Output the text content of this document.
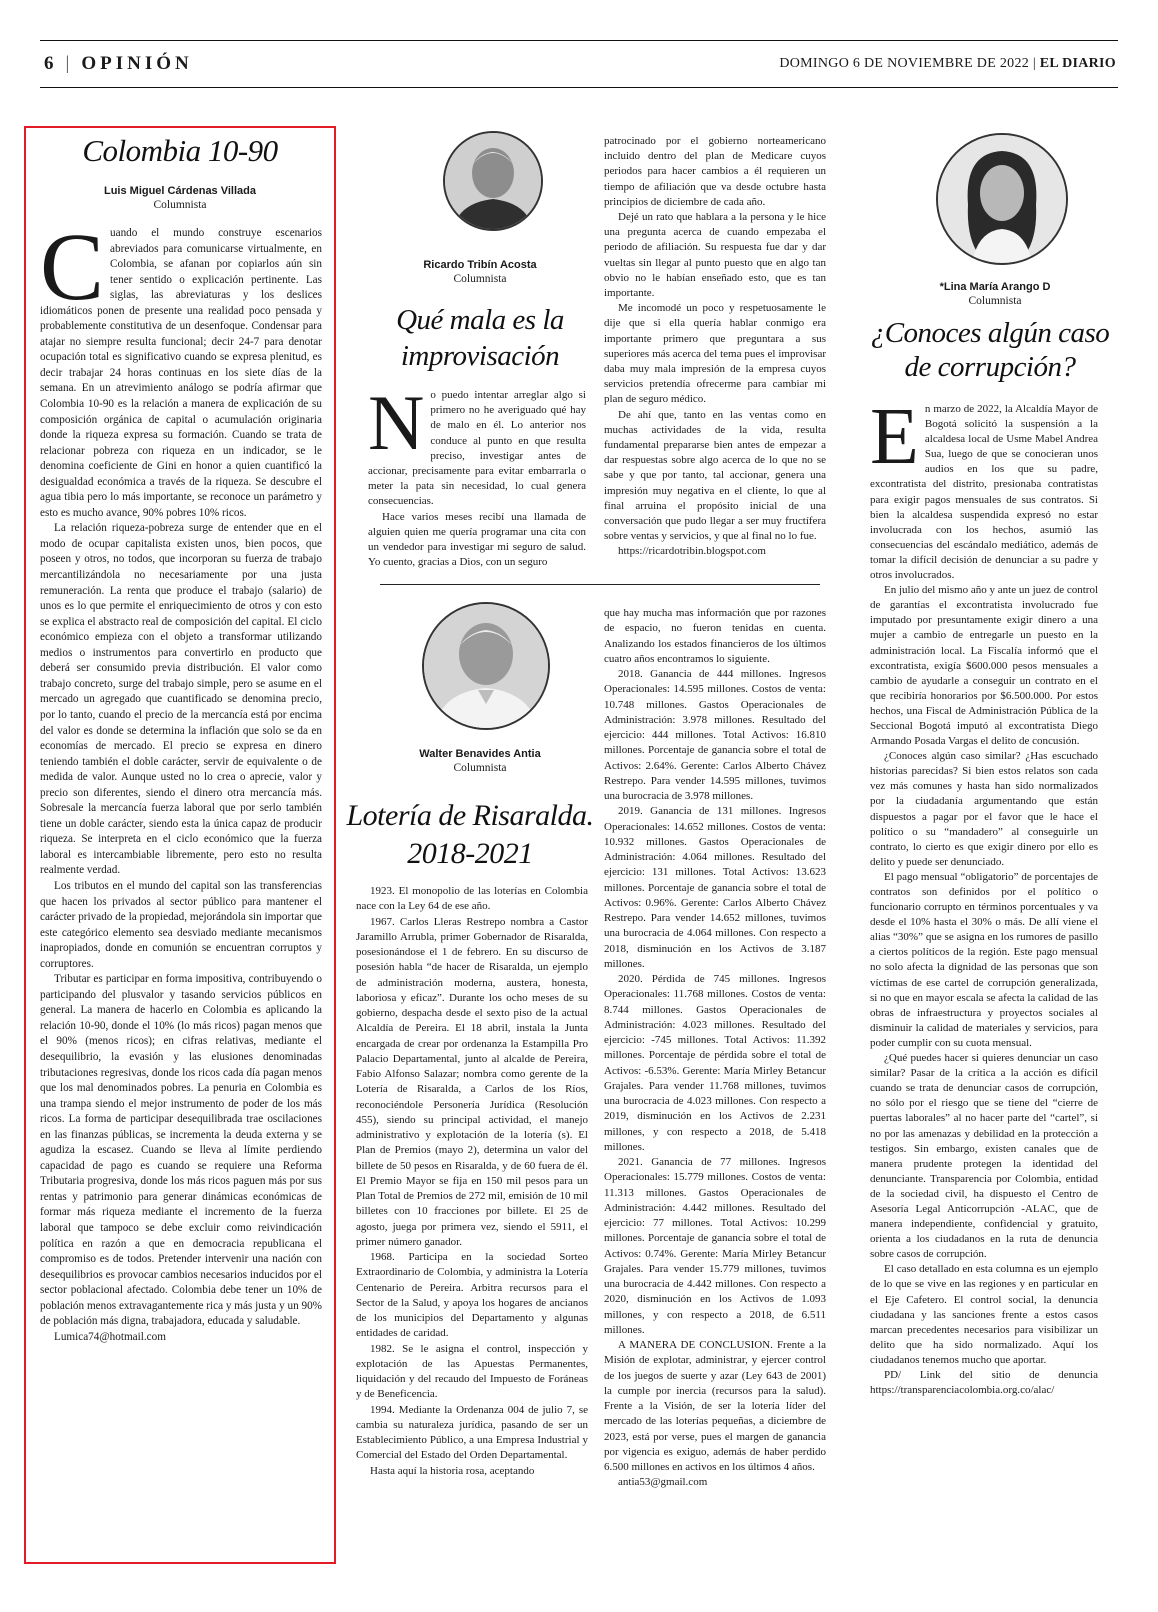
6 | OPINIÓN	DOMINGO 6 DE NOVIEMBRE DE 2022 | EL DIARIO
Colombia 10-90
Luis Miguel Cárdenas Villada
Columnista
C uando el mundo construye escenarios abreviados para comunicarse virtualmente, en Colombia, se afanan por copiarlos aún sin tener sentido o explicación pertinente. Las siglas, las abreviaturas y los deslices idiomáticos ponen de presente una realidad poco pensada y probablemente constitutiva de un desenfoque. Condensar para atajar no siempre resulta funcional; decir 24-7 para denotar ocupación total es significativo cuando se expresa plenitud, es decir trabajar 24 horas continuas en los siete días de la semana. En un atrevimiento análogo se podría afirmar que Colombia 10-90 es la relación a manera de explicación de su composición orgánica de capital o acumulación originaria donde la riqueza expresa su formación. Cuando se trata de relacionar pobreza con riqueza en un indicador, se le denomina coeficiente de Gini en honor a quien cuantificó la desigualdad económica a través de la riqueza. Se descubre el agua tibia pero lo más importante, se reconoce un parámetro y esto es mucho avance, 90% pobres 10% ricos.

La relación riqueza-pobreza surge de entender que en el modo de ocupar capitalista existen unos, bien pocos, que poseen y otros, no todos, que incorporan su fuerza de trabajo mercantilizándola no necesariamente por una justa remuneración. La renta que produce el trabajo (salario) de unos es lo que permite el enriquecimiento de otros y con esto se explica el abstracto real de composición del capital. El ciclo económico empieza con el objeto a transformar utilizando medios o instrumentos para convertirlo en producto que deberá ser consumido previa distribución. El valor como trabajo concreto, surge del trabajo simple, pero se asume en el mercado un agregado que cuantificado se denomina precio, por lo tanto, cuando el precio de la mercancía está por encima del valor es donde se determina la inflación que solo se da en economías de mercado. El precio se expresa en dinero teniendo también el doble carácter, servir de equivalente o de medida de valor. Aunque usted no lo crea o aprecie, valor y precio son diferentes, siendo el dinero otra mercancía más. Sobresale la mercancía fuerza laboral que por serlo también tiene un doble carácter, siendo esta la única capaz de producir riqueza. Se interpreta en el ciclo económico que la fuerza laboral es intercambiable libremente, pero esto no resulta realmente verdad.

Los tributos en el mundo del capital son las transferencias que hacen los privados al sector público para mantener el carácter privado de la propiedad, mejorándola sin importar que este categórico elemento sea desviado mediante mecanismos inapropiados, donde en comunión se encuentran corruptos y corruptores.

Tributar es participar en forma impositiva, contribuyendo o participando del plusvalor y tasando servicios públicos en general. La manera de hacerlo en Colombia es aplicando la relación 10-90, donde el 10% (lo más ricos) pagan menos que el 90% (menos ricos); en cifras relativas, mediante el desequilibrio, la evasión y las elusiones denominadas tributaciones regresivas, donde los ricos cada día pagan menos que los mal denominados pobres. La penuria en Colombia es una trampa siendo el mejor instrumento de poder de los más ricos. La forma de participar desequilibrada trae oscilaciones en las finanzas públicas, se incrementa la deuda externa y se agudiza la escasez. Cuando se lleva al límite perdiendo capacidad de pago es cuando se requiere una Reforma Tributaria progresiva, donde los más ricos paguen más por sus rentas y patrimonio para generar dinámicas económicas de formar más riqueza mediante el incremento de la fuerza laboral que tampoco se debe excluir como reivindicación política en razón a que en democracia republicana el compromiso es de todos. Pretender intervenir una nación con desequilibrios es provocar cambios necesarios inducidos por el sector poblacional afectado. Colombia debe tener un 10% de población menos extravagantemente rica y más justa y un 90% de población más digna, trabajadora, educada y saludable.

Lumica74@hotmail.com

Ricardo Tribín Acosta
Columnista
Qué mala es la
improvisación
N o puedo intentar arreglar algo si primero no he averiguado qué hay de malo en él. Lo anterior nos conduce al punto en que resulta preciso, investigar antes de accionar, precisamente para evitar embarrarla o meter la pata sin necesidad, lo cual genera consecuencias.

Hace varios meses recibí una llamada de alguien quien me quería programar una cita con un vendedor para investigar mi seguro de salud. Yo cuento, gracias a Dios, con un seguro

patrocinado por el gobierno norteamericano incluido dentro del plan de Medicare cuyos periodos para hacer cambios a él requieren un tiempo de afiliación que va desde octubre hasta principios de diciembre de cada año.

Dejé un rato que hablara a la persona y le hice una pregunta acerca de cuando empezaba el periodo de afiliación. Su respuesta fue dar y dar vueltas sin llegar al punto puesto que en algo tan obvio no le habían enseñado esto, que es tan importante.

Me incomodé un poco y respetuosamente le dije que si ella quería hablar conmigo era importante primero que preguntara a sus superiores más acerca del tema pues el improvisar daba muy mala impresión de la empresa cuyos servicios pretendía ofrecerme para cambiar mi plan de seguro médico.

De ahí que, tanto en las ventas como en muchas actividades de la vida, resulta fundamental prepararse bien antes de empezar a dar respuestas sobre algo acerca de lo que no se sabe y que por tanto, tal accionar, genera una impresión muy negativa en el cliente, lo que al final arruina el propósito inicial de una conversación que pudo llegar a ser muy fructífera sobre ventas y servicios, y que al final no lo fue.

https://ricardotribin.blogspot.com

Walter Benavides Antia
Columnista
Lotería de Risaralda.
2018-2021

1923. El monopolio de las loterías en Colombia nace con la Ley 64 de ese año.

1967. Carlos Lleras Restrepo nombra a Castor Jaramillo Arrubla, primer Gobernador de Risaralda, posesionándose el 1 de febrero. En su discurso de posesión habla “de hacer de Risaralda, un ejemplo de administración moderna, austera, honesta, laboriosa y eficaz”. Durante los ocho meses de su gobierno, despacha desde el sexto piso de la actual Alcaldía de Pereira. El 18 abril, instala la Junta encargada de crear por ordenanza la Estampilla Pro Palacio Departamental, junto al alcalde de Pereira, Fabio Alfonso Salazar; nombra como gerente de la Lotería de Risaralda, a Carlos de los Ríos, reconociéndole Personería Jurídica (Resolución 455), siendo su principal actividad, el manejo administrativo y explotación de la lotería (s). El Plan de Premios (mayo 2), determina un valor del billete de 50 pesos en Risaralda, y de 60 fuera de él. El Premio Mayor se fija en 150 mil pesos para un Plan Total de Premios de 272 mil, emisión de 10 mil billetes con 10 fracciones por billete. El 25 de agosto, juega por primera vez, siendo el 5911, el primer número ganador.

1968. Participa en la sociedad Sorteo Extraordinario de Colombia, y administra la Lotería Centenario de Pereira. Arbitra recursos para el Sector de la Salud, y apoya los hogares de ancianos de los municipios del Departamento y algunas entidades de caridad.

1982. Se le asigna el control, inspección y explotación de las Apuestas Permanentes, liquidación y del recaudo del Impuesto de Foráneas y de Beneficencia.

1994. Mediante la Ordenanza 004 de julio 7, se cambia su naturaleza jurídica, pasando de ser un Establecimiento Público, a una Empresa Industrial y Comercial del Estado del Orden Departamental.

Hasta aquí la historia rosa, aceptando

que hay mucha mas información que por razones de espacio, no fueron tenidas en cuenta. Analizando los estados financieros de los últimos cuatro años encontramos lo siguiente.

2018. Ganancia de 444 millones. Ingresos Operacionales: 14.595 millones. Costos de venta: 10.748 millones. Gastos Operacionales de Administración: 3.978 millones. Resultado del ejercicio: 444 millones. Total Activos: 16.810 millones. Porcentaje de ganancia sobre el total de Activos: 2.64%. Gerente: Carlos Alberto Chávez Restrepo. Para vender 14.595 millones, tuvimos una burocracia de 3.978 millones.

2019. Ganancia de 131 millones. Ingresos Operacionales: 14.652 millones. Costos de venta: 10.932 millones. Gastos Operacionales de Administración: 4.064 millones. Resultado del ejercicio: 131 millones. Total Activos: 13.623 millones. Porcentaje de ganancia sobre el total de Activos: 0.96%. Gerente: Carlos Alberto Chávez Restrepo. Para vender 14.652 millones, tuvimos una burocracia de 4.064 millones. Con respecto a 2018, disminución en los Activos de 3.187 millones.

2020. Pérdida de 745 millones. Ingresos Operacionales: 11.768 millones. Costos de venta: 8.744 millones. Gastos Operacionales de Administración: 4.023 millones. Resultado del ejercicio: -745 millones. Total Activos: 11.392 millones. Porcentaje de pérdida sobre el total de Activos: -6.53%. Gerente: María Mirley Betancur Grajales. Para vender 11.768 millones, tuvimos una burocracia de 4.023 millones. Con respecto a 2019, disminución en los Activos de 2.231 millones, y con respecto a 2018, de 5.418 millones.

2021. Ganancia de 77 millones. Ingresos Operacionales: 15.779 millones. Costos de venta: 11.313 millones. Gastos Operacionales de Administración: 4.442 millones. Resultado del ejercicio: 77 millones. Total Activos: 10.299 millones. Porcentaje de ganancia sobre el total de Activos: 0.74%. Gerente: María Mirley Betancur Grajales. Para vender 15.779 millones, tuvimos una burocracia de 4.442 millones. Con respecto a 2020, disminución en los Activos de 1.093 millones, y con respecto a 2018, de 6.511 millones.

A MANERA DE CONCLUSION. Frente a la Misión de explotar, administrar, y ejercer control de los juegos de suerte y azar (Ley 643 de 2001) la cumple por inercia (recursos para la salud). Frente a la Visión, de ser la lotería líder del mercado de las loterías pequeñas, a diciembre de 2023, está por verse, pues el margen de ganancia por vigencia es exiguo, además de haber perdido 6.500 millones en activos en los últimos 4 años.

antia53@gmail.com

*Lina María Arango D
Columnista
¿Conoces algún caso
de corrupción?
E n marzo de 2022, la Alcaldía Mayor de Bogotá solicitó la suspensión a la alcaldesa local de Usme Mabel Andrea Sua, luego de que se conocieran unos audios en los que su padre, excontratista del distrito, presionaba contratistas para exigir pagos mensuales de sus contratos. Si bien la alcaldesa suspendida expresó no estar involucrada con los hechos, asumió las consecuencias del escándalo mediático, además de tomar la difícil decisión de denunciar a su padre y otros involucrados.

En julio del mismo año y ante un juez de control de garantías el excontratista involucrado fue imputado por presuntamente exigir dinero a una mujer a cambio de entregarle un puesto en la administración local. La Fiscalía informó que el excontratista, exigía $600.000 pesos mensuales a cambio de ayudarle a conseguir un contrato en el que recibiría honorarios por $6.500.000. Por estos hechos, una Fiscal de Administración Pública de la Seccional Bogotá imputó al excontratista Diego Armando Posada Vargas el delito de concusión.

¿Conoces algún caso similar? ¿Has escuchado historias parecidas? Si bien estos relatos son cada vez más comunes y hasta han sido normalizados por la ciudadanía argumentando que están dispuestos a pagar por el favor que le hace el político o su “mandadero” al conseguirle un contrato, lo cierto es que exigir dinero por ello es delito y puede ser denunciado.

El pago mensual “obligatorio” de porcentajes de contratos son definidos por el político o funcionario corrupto en términos porcentuales y va desde el 10% hasta el 30% o más. De allí viene el alias “30%” que se asigna en los rumores de pasillo a ciertos políticos de la región. Este pago mensual no solo afecta la dignidad de las personas que son víctimas de ese cartel de corrupción generalizada, si no que en mayor escala se afecta la calidad de las obras de infraestructura y proyectos sociales al disminuir la calidad de materiales y servicios, para poder cumplir con su cuota mensual.

¿Qué puedes hacer si quieres denunciar un caso similar? Pasar de la crítica a la acción es difícil cuando se trata de denunciar casos de corrupción, no sólo por el riesgo que se tiene del “cierre de puertas laborales” al no hacer parte del “cartel”, si no por las amenazas y debilidad en la protección a testigos. Sin embargo, existen canales que de manera prudente protegen la identidad del denunciante. Transparencia por Colombia, entidad de la sociedad civil, ha dispuesto el Centro de Asesoría Legal Anticorrupción -ALAC, que de manera independiente, confidencial y gratuito, orienta a los ciudadanos en la ruta de denuncia sobre casos de corrupción.

El caso detallado en esta columna es un ejemplo de lo que se vive en las regiones y en particular en el Eje Cafetero. El control social, la denuncia ciudadana y las sanciones frente a estos casos marcan precedentes necesarios para visibilizar un delito que ha sido normalizado. Aquí los ciudadanos tenemos mucho que aportar.

PD/ Link del sitio de denuncia https://transparenciacolombia.org.co/alac/
